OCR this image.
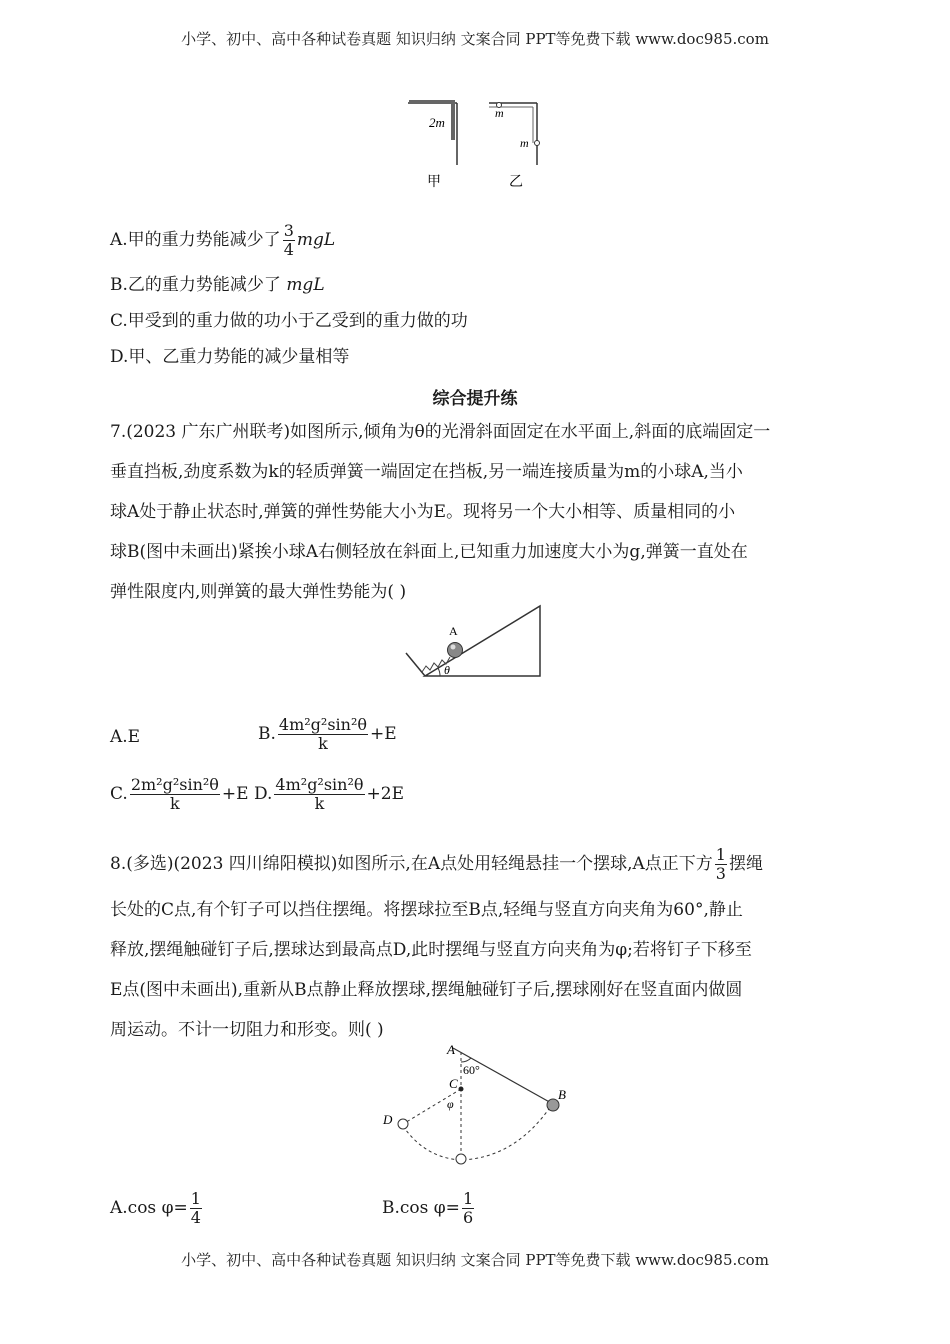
小学、初中、高中各种试卷真题 知识归纳 文案合同 PPT等免费下载 www.doc985.com
2m
m
m
甲	乙
A.甲的重力势能减少了 $\frac{3}{4}$ mgL
B.乙的重力势能减少了 mgL
C.甲受到的重力做的功小于乙受到的重力做的功
D.甲、乙重力势能的减少量相等
综合提升练
7.(2023 广东广州联考)如图所示,倾角为θ的光滑斜面固定在水平面上,斜面的底端固定一
垂直挡板,劲度系数为k的轻质弹簧一端固定在挡板,另一端连接质量为m的小球A,当小
球A处于静止状态时,弹簧的弹性势能大小为E。现将另一个大小相等、质量相同的小
球B(图中未画出)紧挨小球A右侧轻放在斜面上,已知重力加速度大小为g,弹簧一直处在
弹性限度内,则弹簧的最大弹性势能为( )
A
θ
A.E	B. $\frac{\text{4m²g²sin²θ}}{k} +E$
C. $\frac{\text{2m²g²sin²θ}}{k} +E$ D. $\frac{\text{4m²g²sin²θ}}{k} +2E$
8.(多选)(2023 四川绵阳模拟)如图所示,在A点处用轻绳悬挂一个摆球,A点正下方 $\frac{1}{3}$ 摆绳
长处的C点,有个钉子可以挡住摆绳。将摆球拉至B点,轻绳与竖直方向夹角为60°,静止
释放,摆绳触碰钉子后,摆球达到最高点D,此时摆绳与竖直方向夹角为φ;若将钉子下移至
E点(图中未画出),重新从B点静止释放摆球,摆绳触碰钉子后,摆球刚好在竖直面内做圆
周运动。不计一切阻力和形变。则( )
A
60°
C
φ
B
D
A.cos $\varphi= \frac{1}{4}$	B.cos $\varphi= \frac{1}{6}$
小学、初中、高中各种试卷真题 知识归纳 文案合同 PPT等免费下载 www.doc985.com
